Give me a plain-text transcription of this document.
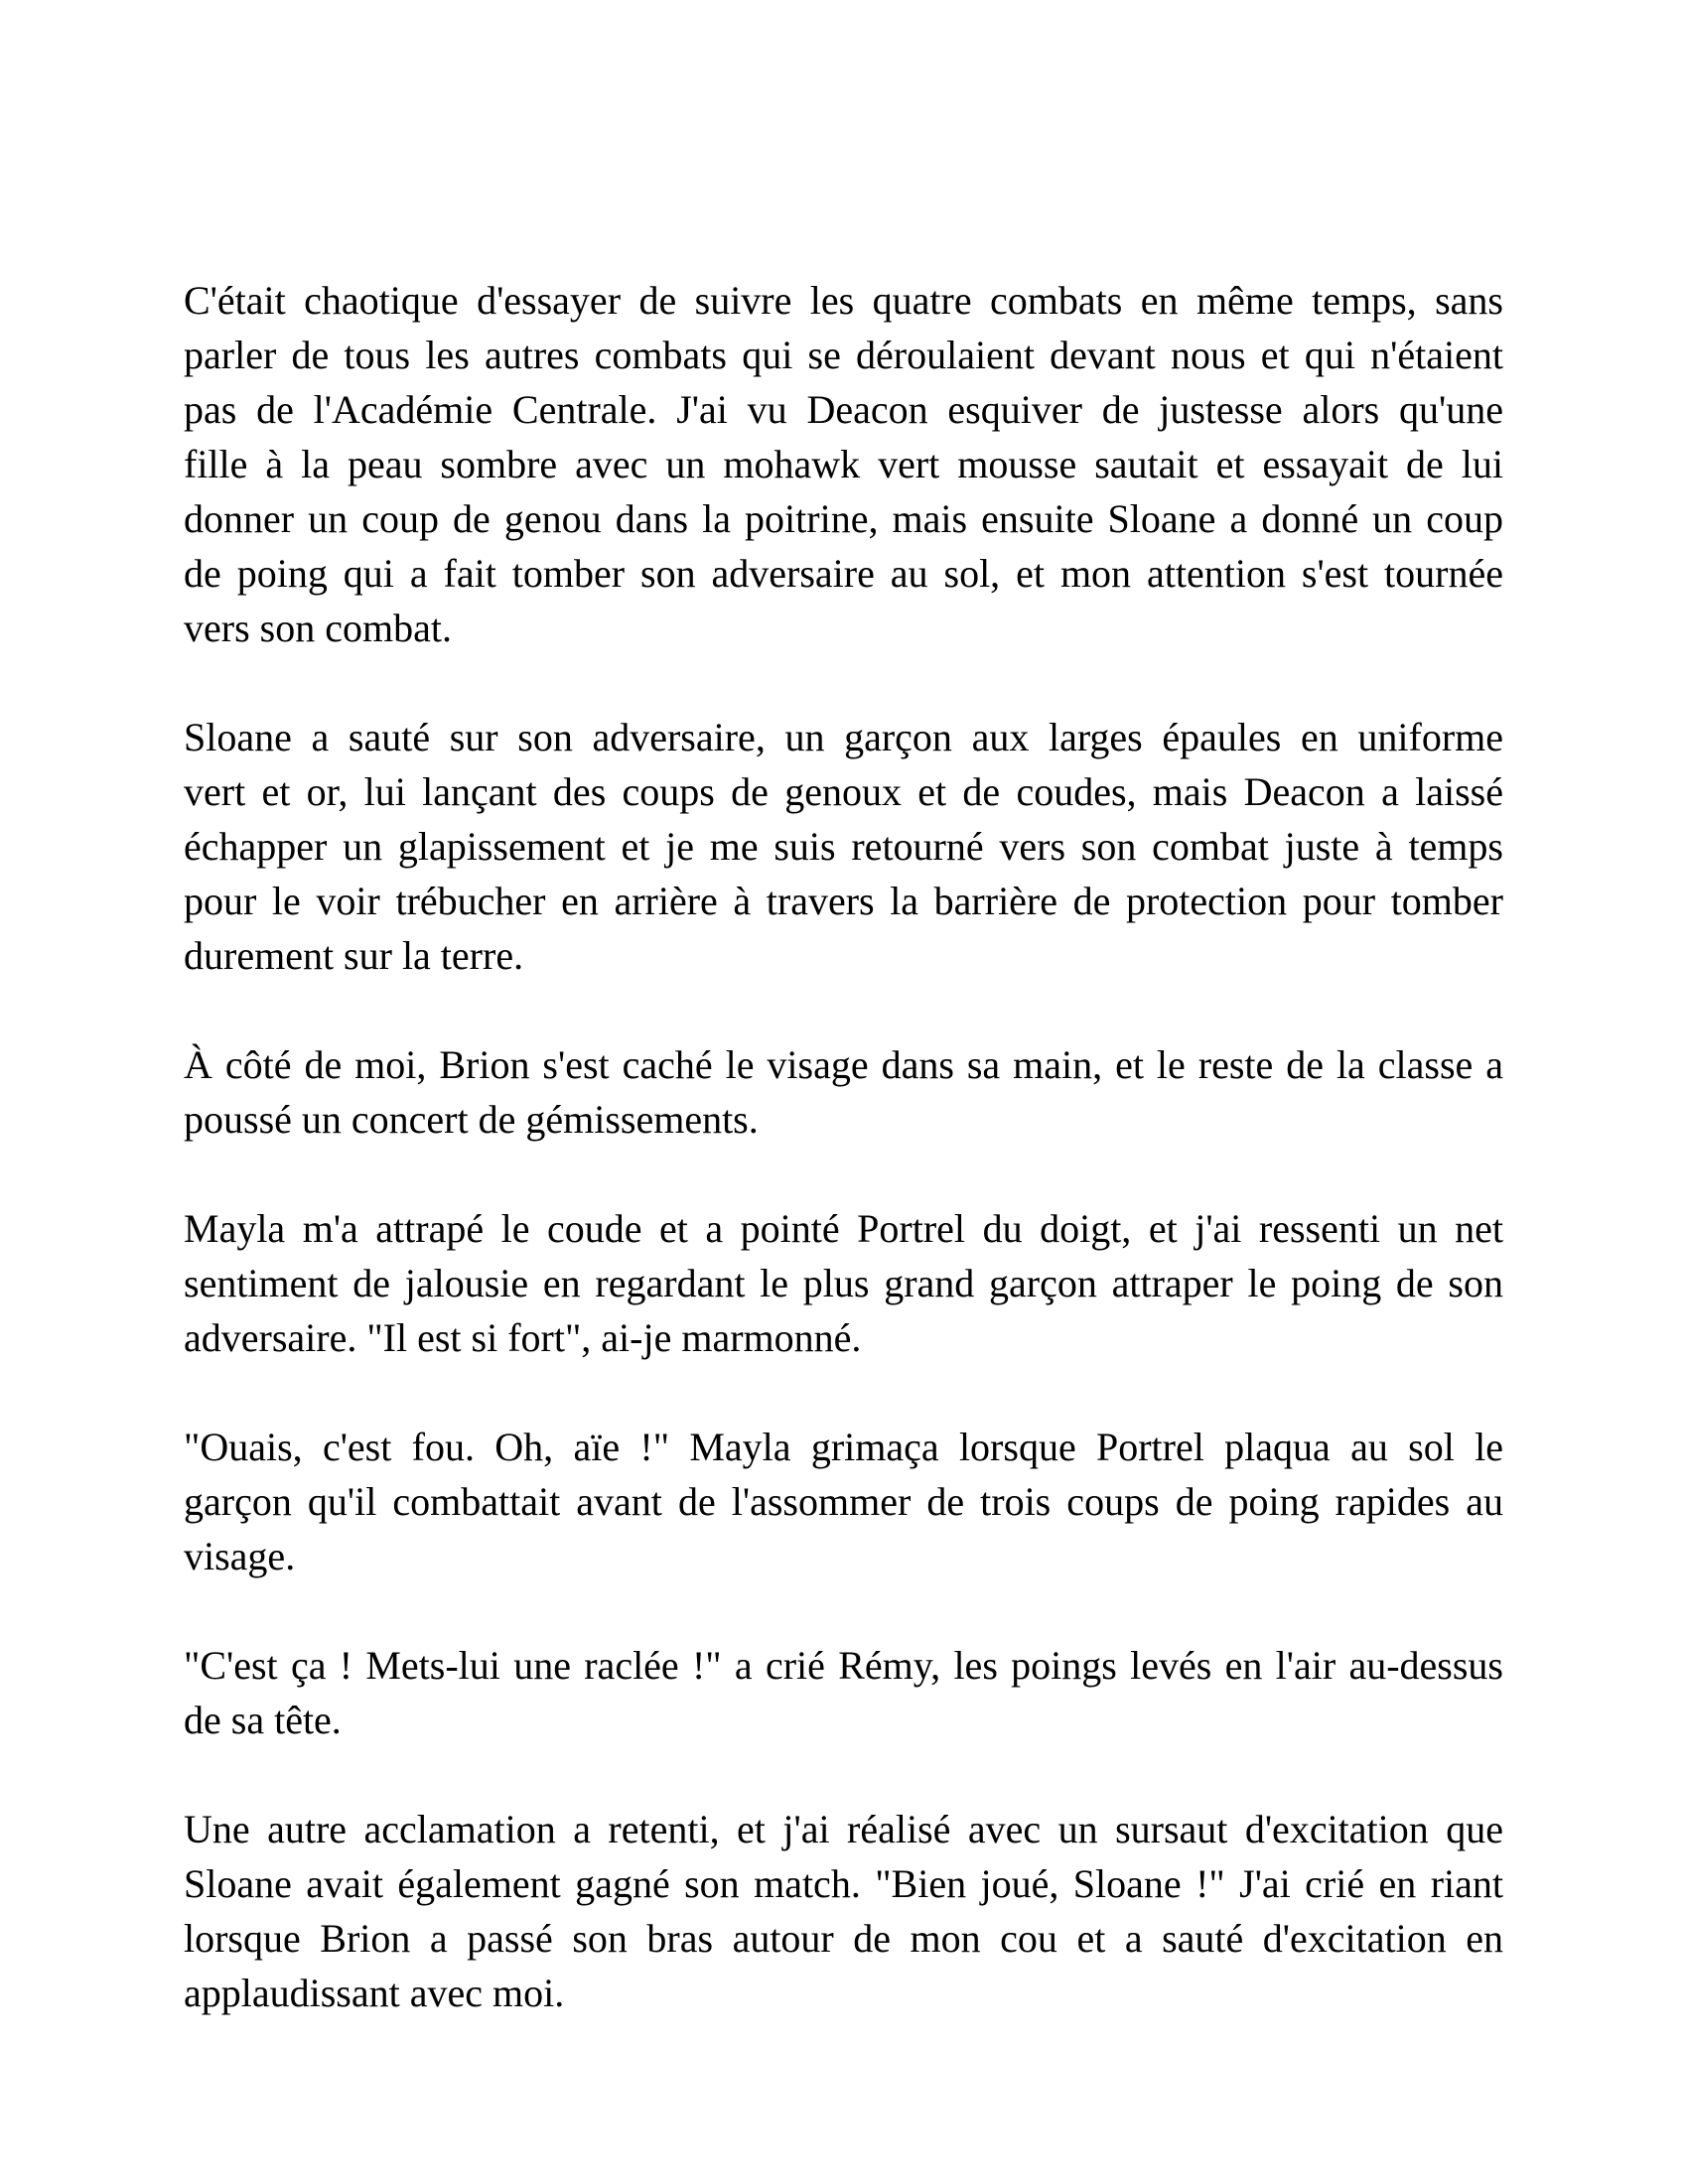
C'était chaotique d'essayer de suivre les quatre combats en même temps, sans
parler de tous les autres combats qui se déroulaient devant nous et qui n'étaient
pas de l'Académie Centrale. J'ai vu Deacon esquiver de justesse alors qu'une
fille à la peau sombre avec un mohawk vert mousse sautait et essayait de lui
donner un coup de genou dans la poitrine, mais ensuite Sloane a donné un coup
de poing qui a fait tomber son adversaire au sol, et mon attention s'est tournée
vers son combat.
Sloane a sauté sur son adversaire, un garçon aux larges épaules en uniforme
vert et or, lui lançant des coups de genoux et de coudes, mais Deacon a laissé
échapper un glapissement et je me suis retourné vers son combat juste à temps
pour le voir trébucher en arrière à travers la barrière de protection pour tomber
durement sur la terre.
À côté de moi, Brion s'est caché le visage dans sa main, et le reste de la classe a
poussé un concert de gémissements.
Mayla m'a attrapé le coude et a pointé Portrel du doigt, et j'ai ressenti un net
sentiment de jalousie en regardant le plus grand garçon attraper le poing de son
adversaire. "Il est si fort", ai-je marmonné.
"Ouais, c'est fou. Oh, aïe !" Mayla grimaça lorsque Portrel plaqua au sol le
garçon qu'il combattait avant de l'assommer de trois coups de poing rapides au
visage.
"C'est ça ! Mets-lui une raclée !" a crié Rémy, les poings levés en l'air au-dessus
de sa tête.
Une autre acclamation a retenti, et j'ai réalisé avec un sursaut d'excitation que
Sloane avait également gagné son match. "Bien joué, Sloane !" J'ai crié en riant
lorsque Brion a passé son bras autour de mon cou et a sauté d'excitation en
applaudissant avec moi.
